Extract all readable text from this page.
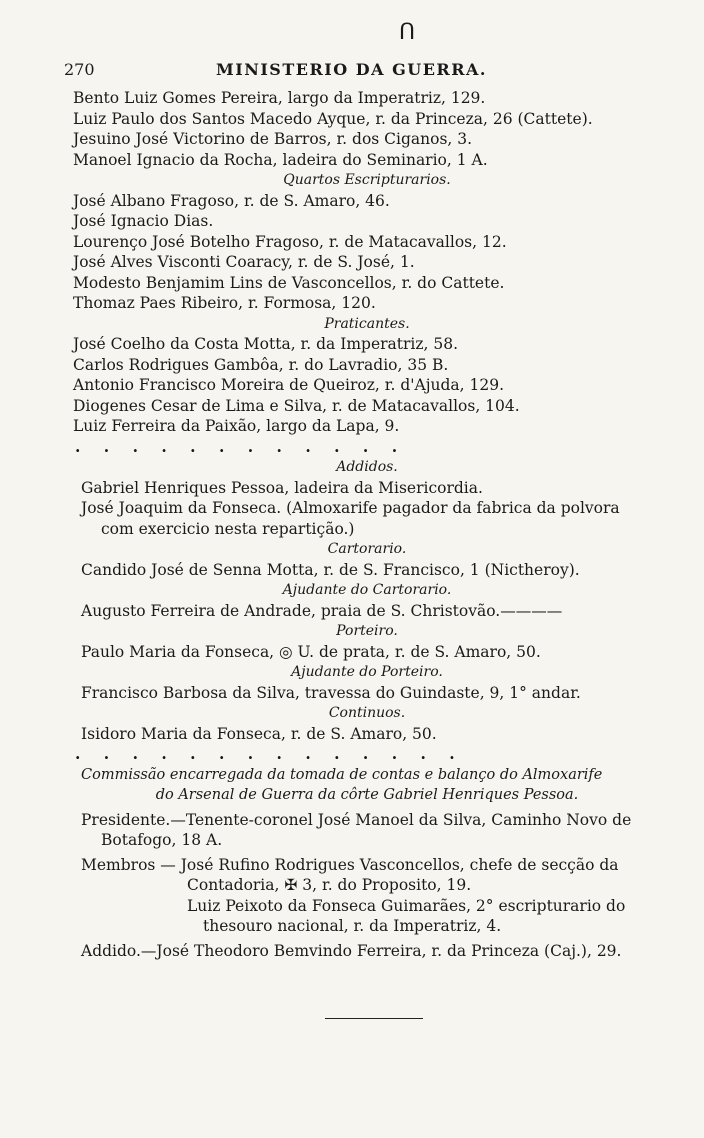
ꓵ
270	MINISTERIO DA GUERRA.
Bento Luiz Gomes Pereira, largo da Imperatriz, 129.
Luiz Paulo dos Santos Macedo Ayque, r. da Princeza, 26 (Cattete).
Jesuino José Victorino de Barros, r. dos Ciganos, 3.
Manoel Ignacio da Rocha, ladeira do Seminario, 1 A.
Quartos Escripturarios.
José Albano Fragoso, r. de S. Amaro, 46.
José Ignacio Dias.
Lourenço José Botelho Fragoso, r. de Matacavallos, 12.
José Alves Visconti Coaracy, r. de S. José, 1.
Modesto Benjamim Lins de Vasconcellos, r. do Cattete.
Thomaz Paes Ribeiro, r. Formosa, 120.
Praticantes.
José Coelho da Costa Motta, r. da Imperatriz, 58.
Carlos Rodrigues Gambôa, r. do Lavradio, 35 B.
Antonio Francisco Moreira de Queiroz, r. d'Ajuda, 129.
Diogenes Cesar de Lima e Silva, r. de Matacavallos, 104.
Luiz Ferreira da Paixão, largo da Lapa, 9.
. . . . . . . . . . . .
Addidos.
Gabriel Henriques Pessoa, ladeira da Misericordia.
José Joaquim da Fonseca. (Almoxarife pagador da fabrica da polvora
com exercicio nesta repartição.)
Cartorario.
Candido José de Senna Motta, r. de S. Francisco, 1 (Nictheroy).
Ajudante do Cartorario.
Augusto Ferreira de Andrade, praia de S. Christovão.————
Porteiro.
Paulo Maria da Fonseca, ◎ U. de prata, r. de S. Amaro, 50.
Ajudante do Porteiro.
Francisco Barbosa da Silva, travessa do Guindaste, 9, 1° andar.
Continuos.
Isidoro Maria da Fonseca, r. de S. Amaro, 50.
. . . . . . . . . . . . . .
Commissão encarregada da tomada de contas e balanço do Almoxarife
do Arsenal de Guerra da côrte Gabriel Henriques Pessoa.
Presidente.—Tenente-coronel José Manoel da Silva, Caminho Novo de
Botafogo, 18 A.
Membros — José Rufino Rodrigues Vasconcellos, chefe de secção da
Contadoria, ✠ 3, r. do Proposito, 19.
Luiz Peixoto da Fonseca Guimarães, 2° escripturario do
thesouro nacional, r. da Imperatriz, 4.
Addido.—José Theodoro Bemvindo Ferreira, r. da Princeza (Caj.), 29.
